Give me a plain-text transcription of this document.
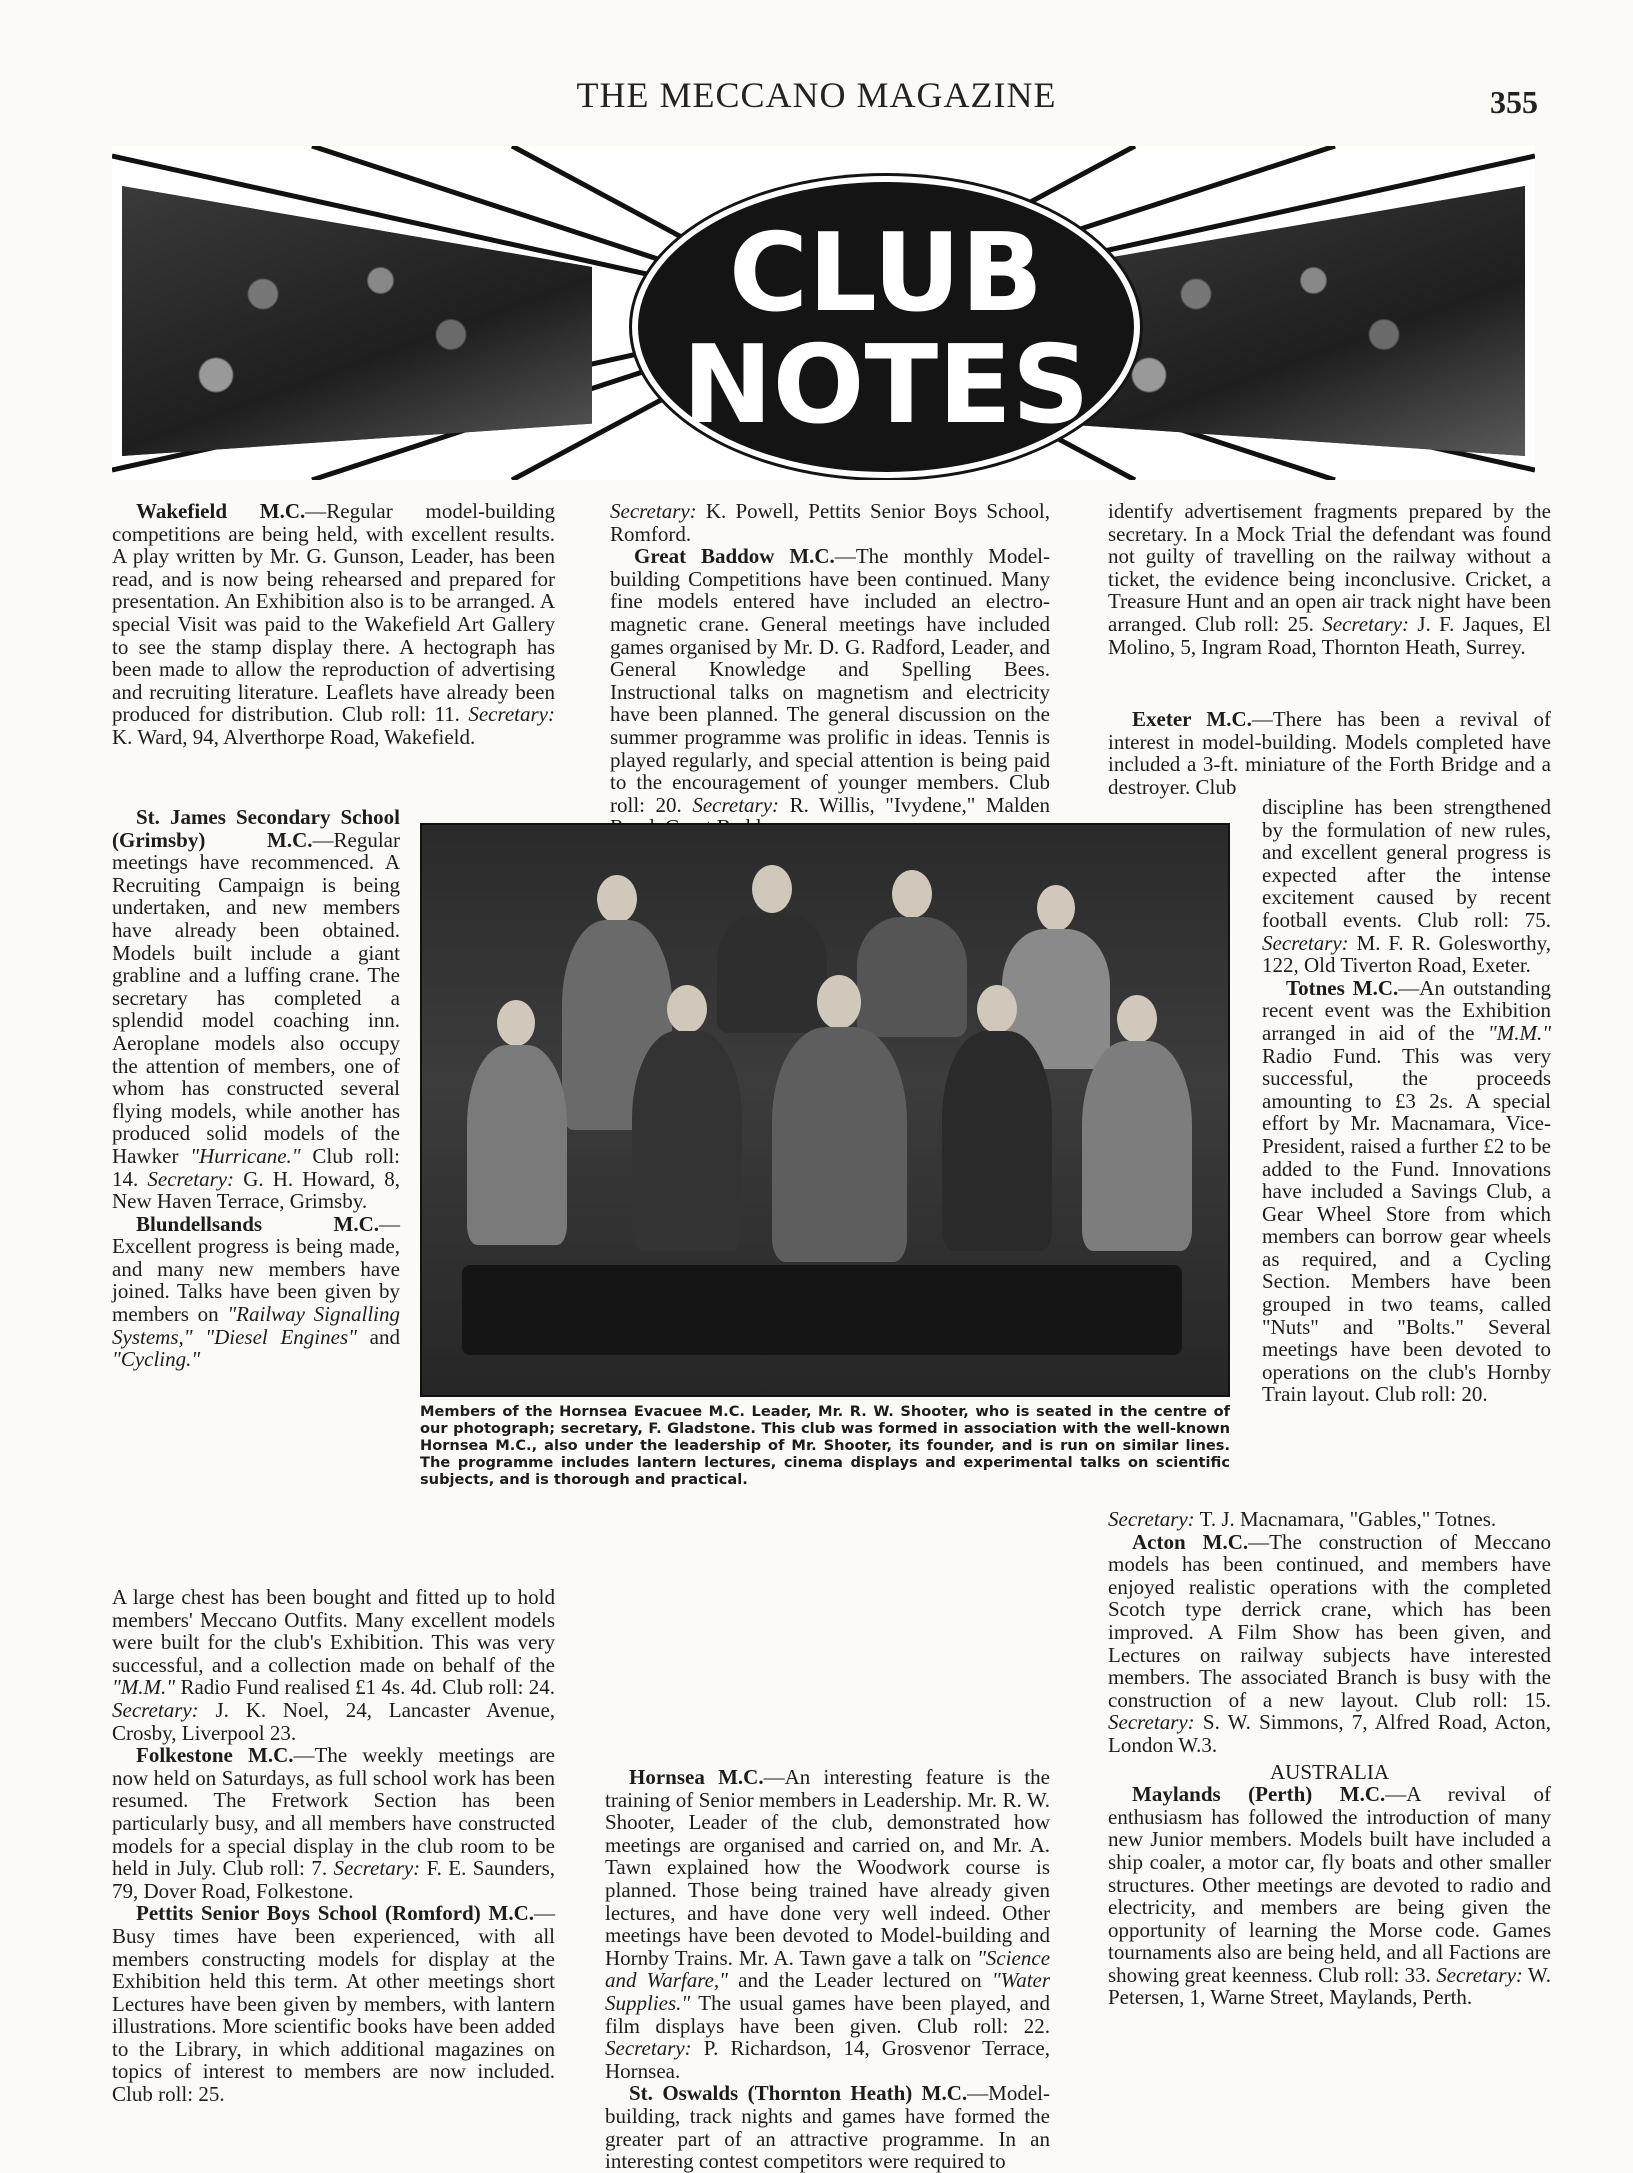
THE MECCANO MAGAZINE	355
CLUB
NOTES

Wakefield M.C.—Regular model-building competitions are being held, with excellent results. A play written by Mr. G. Gunson, Leader, has been read, and is now being rehearsed and prepared for presentation. An Exhibition also is to be arranged. A special Visit was paid to the Wakefield Art Gallery to see the stamp display there. A hectograph has been made to allow the reproduction of advertising and recruiting literature. Leaflets have already been produced for distribution. Club roll: 11. Secretary: K. Ward, 94, Alverthorpe Road, Wakefield.

St. James Secondary School (Grimsby) M.C.—Regular meetings have recommenced. A Recruiting Campaign is being undertaken, and new members have already been obtained. Models built include a giant grabline and a luffing crane. The secretary has completed a splendid model coaching inn. Aeroplane models also occupy the attention of members, one of whom has constructed several flying models, while another has produced solid models of the Hawker "Hurricane." Club roll: 14. Secretary: G. H. Howard, 8, New Haven Terrace, Grimsby.

Blundellsands M.C.—Excellent progress is being made, and many new members have joined. Talks have been given by members on "Railway Signalling Systems," "Diesel Engines" and "Cycling."

A large chest has been bought and fitted up to hold members' Meccano Outfits. Many excellent models were built for the club's Exhibition. This was very successful, and a collection made on behalf of the "M.M." Radio Fund realised £1 4s. 4d. Club roll: 24. Secretary: J. K. Noel, 24, Lancaster Avenue, Crosby, Liverpool 23.

Folkestone M.C.—The weekly meetings are now held on Saturdays, as full school work has been resumed. The Fretwork Section has been particularly busy, and all members have constructed models for a special display in the club room to be held in July. Club roll: 7. Secretary: F. E. Saunders, 79, Dover Road, Folkestone.

Pettits Senior Boys School (Romford) M.C.—Busy times have been experienced, with all members constructing models for display at the Exhibition held this term. At other meetings short Lectures have been given by members, with lantern illustrations. More scientific books have been added to the Library, in which additional magazines on topics of interest to members are now included. Club roll: 25.

Secretary: K. Powell, Pettits Senior Boys School, Romford.

Great Baddow M.C.—The monthly Model-building Competitions have been continued. Many fine models entered have included an electro-magnetic crane. General meetings have included games organised by Mr. D. G. Radford, Leader, and General Knowledge and Spelling Bees. Instructional talks on magnetism and electricity have been planned. The general discussion on the summer programme was prolific in ideas. Tennis is played regularly, and special attention is being paid to the encouragement of younger members. Club roll: 20. Secretary: R. Willis, "Ivydene," Malden

Hornsea M.C.—An interesting feature is the training of Senior members in Leadership. Mr. R. W. Shooter, Leader of the club, demonstrated how meetings are organised and carried on, and Mr. A. Tawn explained how the Woodwork course is planned. Those being trained have already given lectures, and have done very well indeed. Other meetings have been devoted to Model-building and Hornby Trains. Mr. A. Tawn gave a talk on "Science and Warfare," and the Leader lectured on "Water Supplies." The usual games have been played, and film displays have been given. Club roll: 22. Secretary: P. Richardson, 14, Grosvenor Terrace, Hornsea.

St. Oswalds (Thornton Heath) M.C.—Model-building, track nights and games have formed the greater part of an attractive programme. In an interesting contest competitors were required to

identify advertisement fragments prepared by the secretary. In a Mock Trial the defendant was found not guilty of travelling on the railway without a ticket, the evidence being inconclusive. Cricket, a Treasure Hunt and an open air track night have been arranged. Club roll: 25. Secretary: J. F. Jaques, El Molino, 5, Ingram Road, Thornton Heath, Surrey.

Exeter M.C.—There has been a revival of interest in model-building. Models completed have included a 3-ft. miniature of the Forth Bridge and a destroyer. Club

discipline has been strengthened by the formulation of new rules, and excellent general progress is expected after the intense excitement caused by recent football events. Club roll: 75. Secretary: M. F. R. Golesworthy, 122, Old Tiverton Road, Exeter.

Totnes M.C.—An outstanding recent event was the Exhibition arranged in aid of the "M.M." Radio Fund. This was very successful, the proceeds amounting to £3 2s. A special effort by Mr. Macnamara, Vice-President, raised a further £2 to be added to the Fund. Innovations have included a Savings Club, a Gear Wheel Store from which members can borrow gear wheels as required, and a Cycling Section. Members have been grouped in two teams, called "Nuts" and "Bolts." Several meetings have been devoted to operations on the club's Hornby Train layout. Club roll: 20.

Secretary: T. J. Macnamara, "Gables," Totnes.

Acton M.C.—The construction of Meccano models has been continued, and members have enjoyed realistic operations with the completed Scotch type derrick crane, which has been improved. A Film Show has been given, and Lectures on railway subjects have interested members. The associated Branch is busy with the construction of a new layout. Club roll: 15. Secretary: S. W. Simmons, 7, Alfred Road, Acton, London W.3.

AUSTRALIA

Maylands (Perth) M.C.—A revival of enthusiasm has followed the introduction of many new Junior members. Models built have included a ship coaler, a motor car, fly boats and other smaller structures. Other meetings are devoted to radio and electricity, and members are being given the opportunity of learning the Morse code. Games tournaments also are being held, and all Factions are showing great keenness. Club roll: 33. Secretary: W. Petersen, 1, Warne Street, Maylands, Perth.

Members of the Hornsea Evacuee M.C. Leader, Mr. R. W. Shooter, who is seated in the centre of our photograph; secretary, F. Gladstone. This club was formed in association with the well-known Hornsea M.C., also under the leadership of Mr. Shooter, its founder, and is run on similar lines. The programme includes lantern lectures, cinema displays and experimental talks on scientific subjects, and is thorough and practical.
